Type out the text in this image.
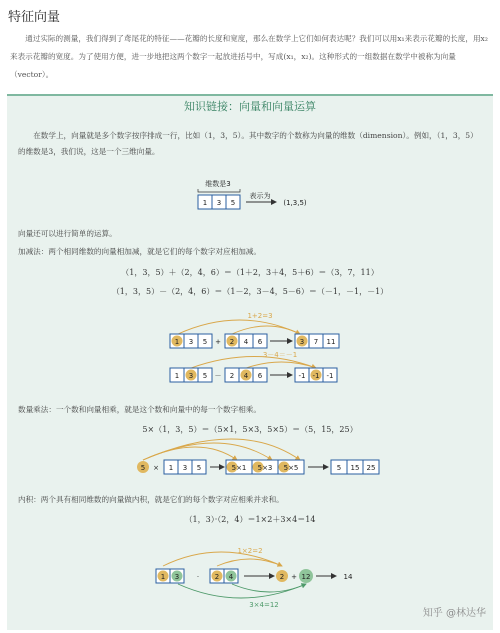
特征向量
通过实际的测量，我们得到了鸢尾花的特征——花瓣的长度和宽度，那么在数学上它们如何表达呢？我们可以用x₁来表示花瓣的长度，用x₂来表示花瓣的宽度。为了使用方便，进一步地把这两个数字一起放进括号中，写成(x₁，x₂)。这种形式的一组数据在数学中被称为向量（vector）。
知识链接：向量和向量运算
在数学上，向量就是多个数字按序排成一行，比如（1，3，5）。其中数字的个数称为向量的维数（dimension）。例如，（1，3，5）的维数是3，我们说，这是一个三维向量。
维数是3
1 3 5
表示为
(1,3,5)
1+2=3
1 3 5 + 2 4 6	3 7 11
3－4＝－1
1 3 5 － 2 4 6	-1 -1 -1
5 × 1 3 5	5×1 5×3 5×5	5 15 25
1×2=2
3×4=12
1 3	· 2 4	2 + 12	14
向量还可以进行简单的运算。
加减法：两个相同维数的向量相加减，就是它们的每个数字对应相加减。
（1，3，5）＋（2，4，6）＝（1＋2，3＋4，5＋6）＝（3，7，11）
（1，3，5）－（2，4，6）＝（1－2，3－4，5－6）＝（－1，－1，－1）
数量乘法：一个数和向量相乘，就是这个数和向量中的每一个数字相乘。
5×（1，3，5）＝（5×1，5×3，5×5）＝（5，15，25）
内积：两个具有相同维数的向量做内积，就是它们的每个数字对应相乘并求和。
（1，3）·（2，4）＝1×2＋3×4＝14
知乎 @林达华
